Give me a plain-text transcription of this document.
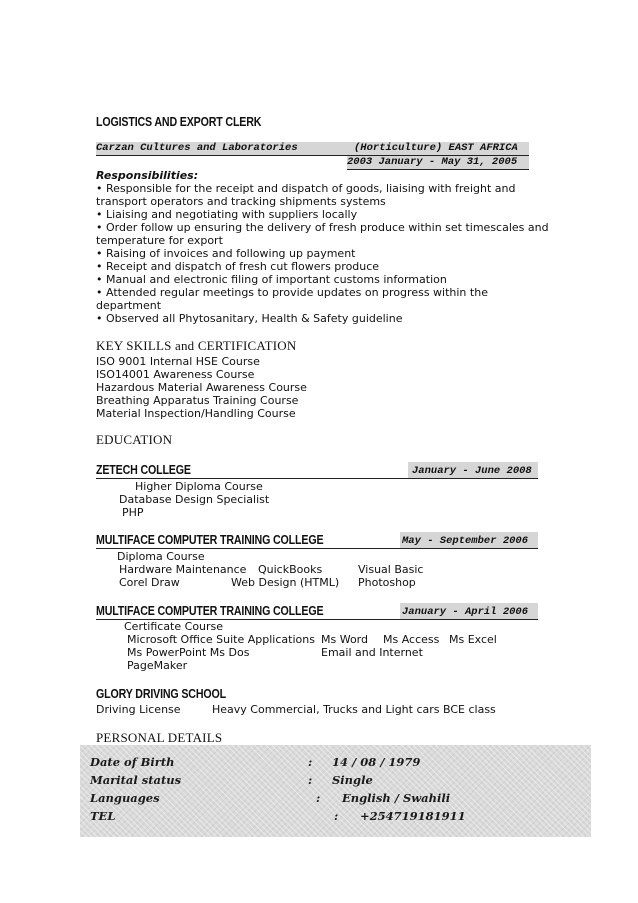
LOGISTICS AND EXPORT CLERK
Carzan Cultures and Laboratories	(Horticulture) EAST AFRICA
2003 January - May 31, 2005
Responsibilities:
• Responsible for the receipt and dispatch of goods, liaising with freight and
transport operators and tracking shipments systems
• Liaising and negotiating with suppliers locally
• Order follow up ensuring the delivery of fresh produce within set timescales and
temperature for export
• Raising of invoices and following up payment
• Receipt and dispatch of fresh cut flowers produce
• Manual and electronic filing of important customs information
• Attended regular meetings to provide updates on progress within the
department
• Observed all Phytosanitary, Health & Safety guideline
KEY SKILLS and CERTIFICATION
ISO 9001 Internal HSE Course
ISO14001 Awareness Course
Hazardous Material Awareness Course
Breathing Apparatus Training Course
Material Inspection/Handling Course
EDUCATION
ZETECH COLLEGE	January - June 2008
Higher Diploma Course
Database Design Specialist
PHP
MULTIFACE COMPUTER TRAINING COLLEGE	May - September 2006
Diploma Course
Hardware Maintenance QuickBooks	Visual Basic
Corel Draw	Web Design (HTML) Photoshop
MULTIFACE COMPUTER TRAINING COLLEGE	January - April 2006
Certificate Course
Microsoft Office Suite Applications Ms Word Ms Access Ms Excel
Ms PowerPoint Ms Dos	Email and Internet
PageMaker
GLORY DRIVING SCHOOL
Driving License	Heavy Commercial, Trucks and Light cars BCE class
PERSONAL DETAILS
Date of Birth	: 14 / 08 / 1979
Marital status	: Single
Languages	: English / Swahili
TEL	: +254719181911
